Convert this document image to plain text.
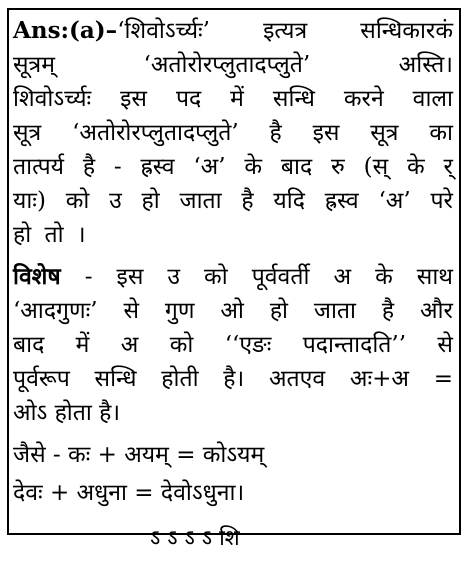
Ans:(a)–‘शिवोऽर्च्यः’ इत्यत्र सन्धिकारकं
सूत्रम्	‘अतोरोरप्लुतादप्लुते’	अस्ति।
शिवोऽर्च्यः इस पद में सन्धि करने वाला
सूत्र ‘अतोरोरप्लुतादप्लुते’ है इस सूत्र का
तात्पर्य है - ह्रस्व ‘अ’ के बाद रु (स् के र्
याः) को उ हो जाता है यदि ह्रस्व ‘अ’ परे
हो तो ।
विशेष - इस उ को पूर्ववर्ती अ के साथ
‘आदगुणः’ से गुण ओ हो जाता है और
बाद में अ को ‘‘एङः पदान्तादति’’ से
पूर्वरूप सन्धि होती है। अतएव अः+अ =
ओऽ होता है।
जैसे - कः + अयम् = कोऽयम्
देवः + अधुना = देवोऽधुना।
ऽ ऽ ऽ ऽ शि
